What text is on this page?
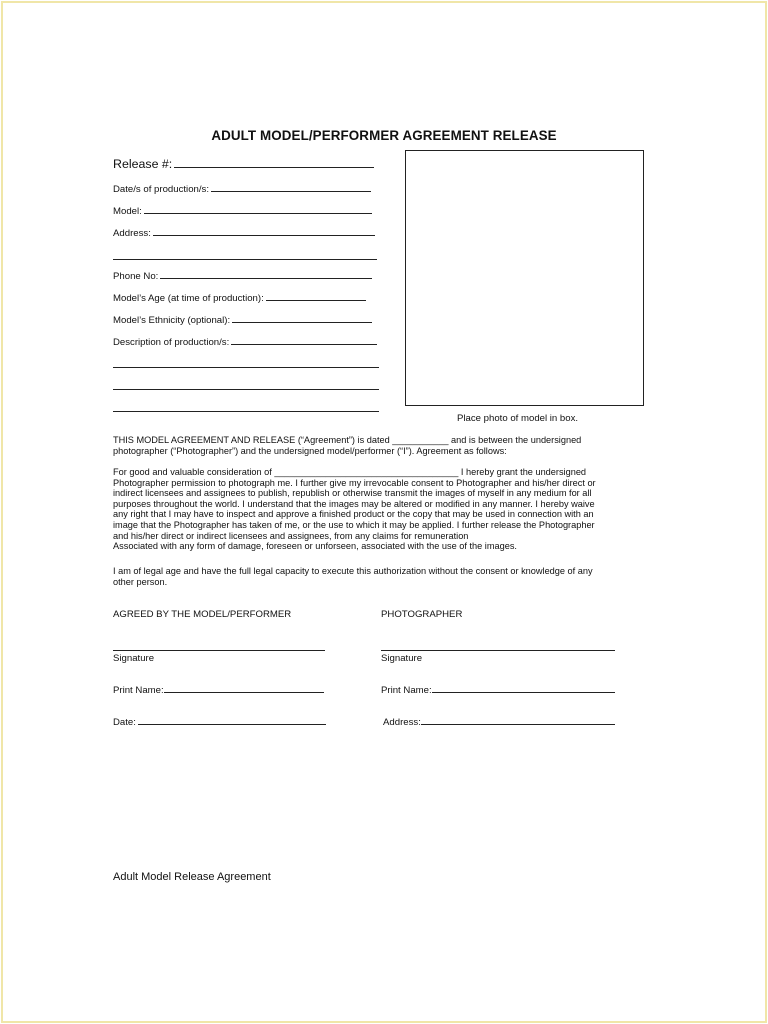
ADULT MODEL/PERFORMER AGREEMENT RELEASE
Release #:
Date/s of production/s:
Model:
Address:
Phone No:
Model’s Age (at time of production):
Model’s Ethnicity (optional):
Description of production/s:
Place photo of model in box.
THIS MODEL AGREEMENT AND RELEASE (“Agreement”) is dated ___________ and is between the undersigned
photographer (“Photographer”) and the undersigned model/performer (“I”). Agreement as follows:
For good and valuable consideration of ____________________________________ I hereby grant the undersigned
Photographer permission to photograph me. I further give my irrevocable consent to Photographer and his/her direct or
indirect licensees and assignees to publish, republish or otherwise transmit the images of myself in any medium for all
purposes throughout the world. I understand that the images may be altered or modified in any manner. I hereby waive
any right that I may have to inspect and approve a finished product or the copy that may be used in connection with an
image that the Photographer has taken of me, or the use to which it may be applied. I further release the Photographer
and his/her direct or indirect licensees and assignees, from any claims for remuneration
Associated with any form of damage, foreseen or unforseen, associated with the use of the images.
I am of legal age and have the full legal capacity to execute this authorization without the consent or knowledge of any
other person.
AGREED BY THE MODEL/PERFORMER	PHOTOGRAPHER
Signature	Signature
Print Name:	Print Name:
Date:	Address:
Adult Model Release Agreement
